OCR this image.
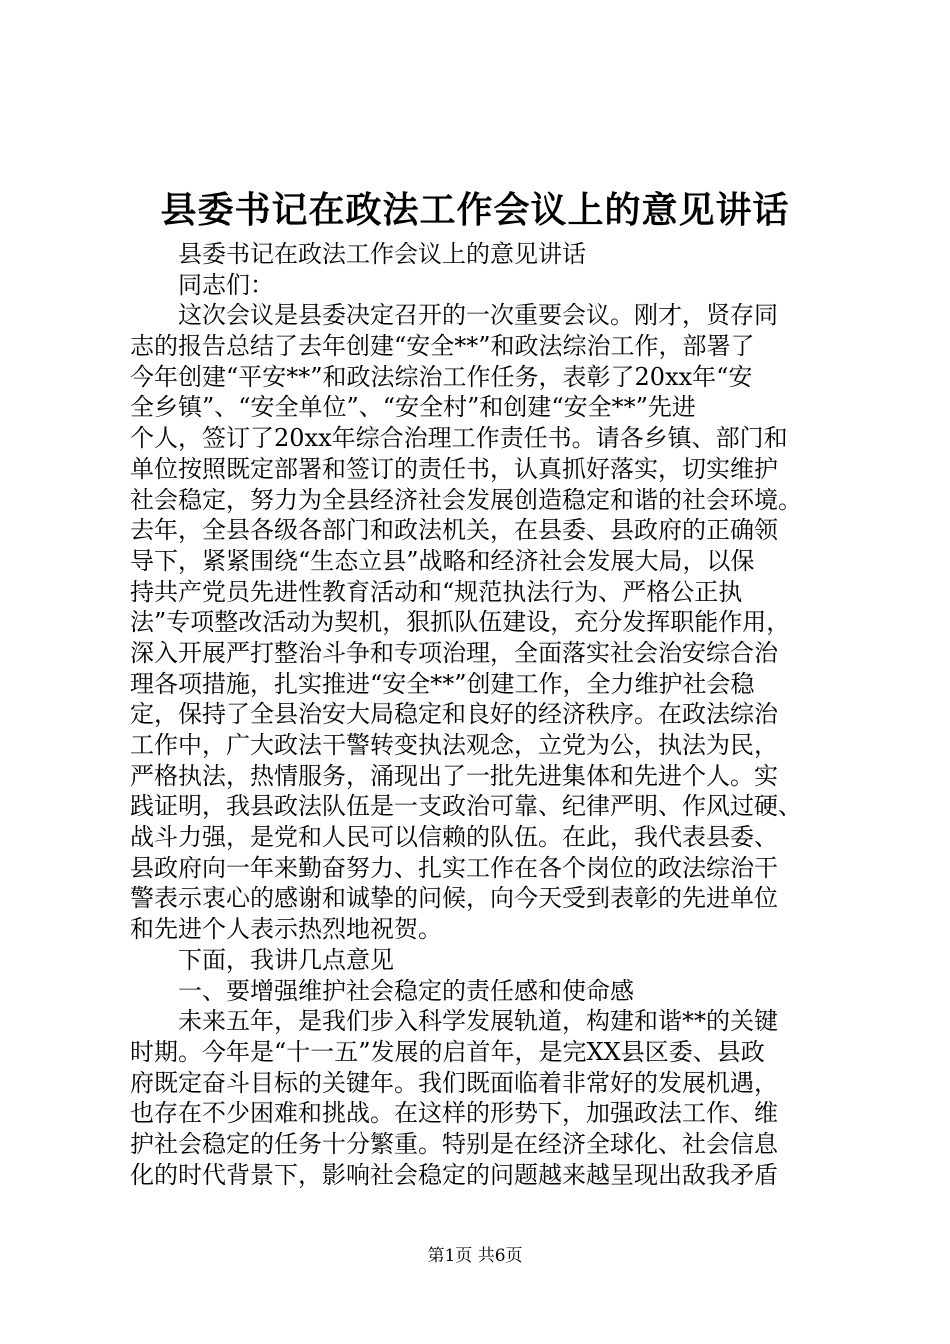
县委书记在政法工作会议上的意见讲话
县委书记在政法工作会议上的意见讲话
同志们：
这次会议是县委决定召开的一次重要会议。刚才，贤存同
志的报告总结了去年创建“安全**”和政法综治工作，部署了
今年创建“平安**”和政法综治工作任务，表彰了20xx年“安
全乡镇”、“安全单位”、“安全村”和创建“安全**”先进
个人，签订了20xx年综合治理工作责任书。请各乡镇、部门和
单位按照既定部署和签订的责任书，认真抓好落实，切实维护
社会稳定，努力为全县经济社会发展创造稳定和谐的社会环境。
去年，全县各级各部门和政法机关，在县委、县政府的正确领
导下，紧紧围绕“生态立县”战略和经济社会发展大局，以保
持共产党员先进性教育活动和“规范执法行为、严格公正执
法”专项整改活动为契机，狠抓队伍建设，充分发挥职能作用，
深入开展严打整治斗争和专项治理，全面落实社会治安综合治
理各项措施，扎实推进“安全**”创建工作，全力维护社会稳
定，保持了全县治安大局稳定和良好的经济秩序。在政法综治
工作中，广大政法干警转变执法观念，立党为公，执法为民，
严格执法，热情服务，涌现出了一批先进集体和先进个人。实
践证明，我县政法队伍是一支政治可靠、纪律严明、作风过硬、
战斗力强，是党和人民可以信赖的队伍。在此，我代表县委、
县政府向一年来勤奋努力、扎实工作在各个岗位的政法综治干
警表示衷心的感谢和诚挚的问候，向今天受到表彰的先进单位
和先进个人表示热烈地祝贺。
下面，我讲几点意见
一、要增强维护社会稳定的责任感和使命感
未来五年，是我们步入科学发展轨道，构建和谐**的关键
时期。今年是“十一五”发展的启首年，是完XX县区委、县政
府既定奋斗目标的关键年。我们既面临着非常好的发展机遇，
也存在不少困难和挑战。在这样的形势下，加强政法工作、维
护社会稳定的任务十分繁重。特别是在经济全球化、社会信息
化的时代背景下，影响社会稳定的问题越来越呈现出敌我矛盾
第1页 共6页
